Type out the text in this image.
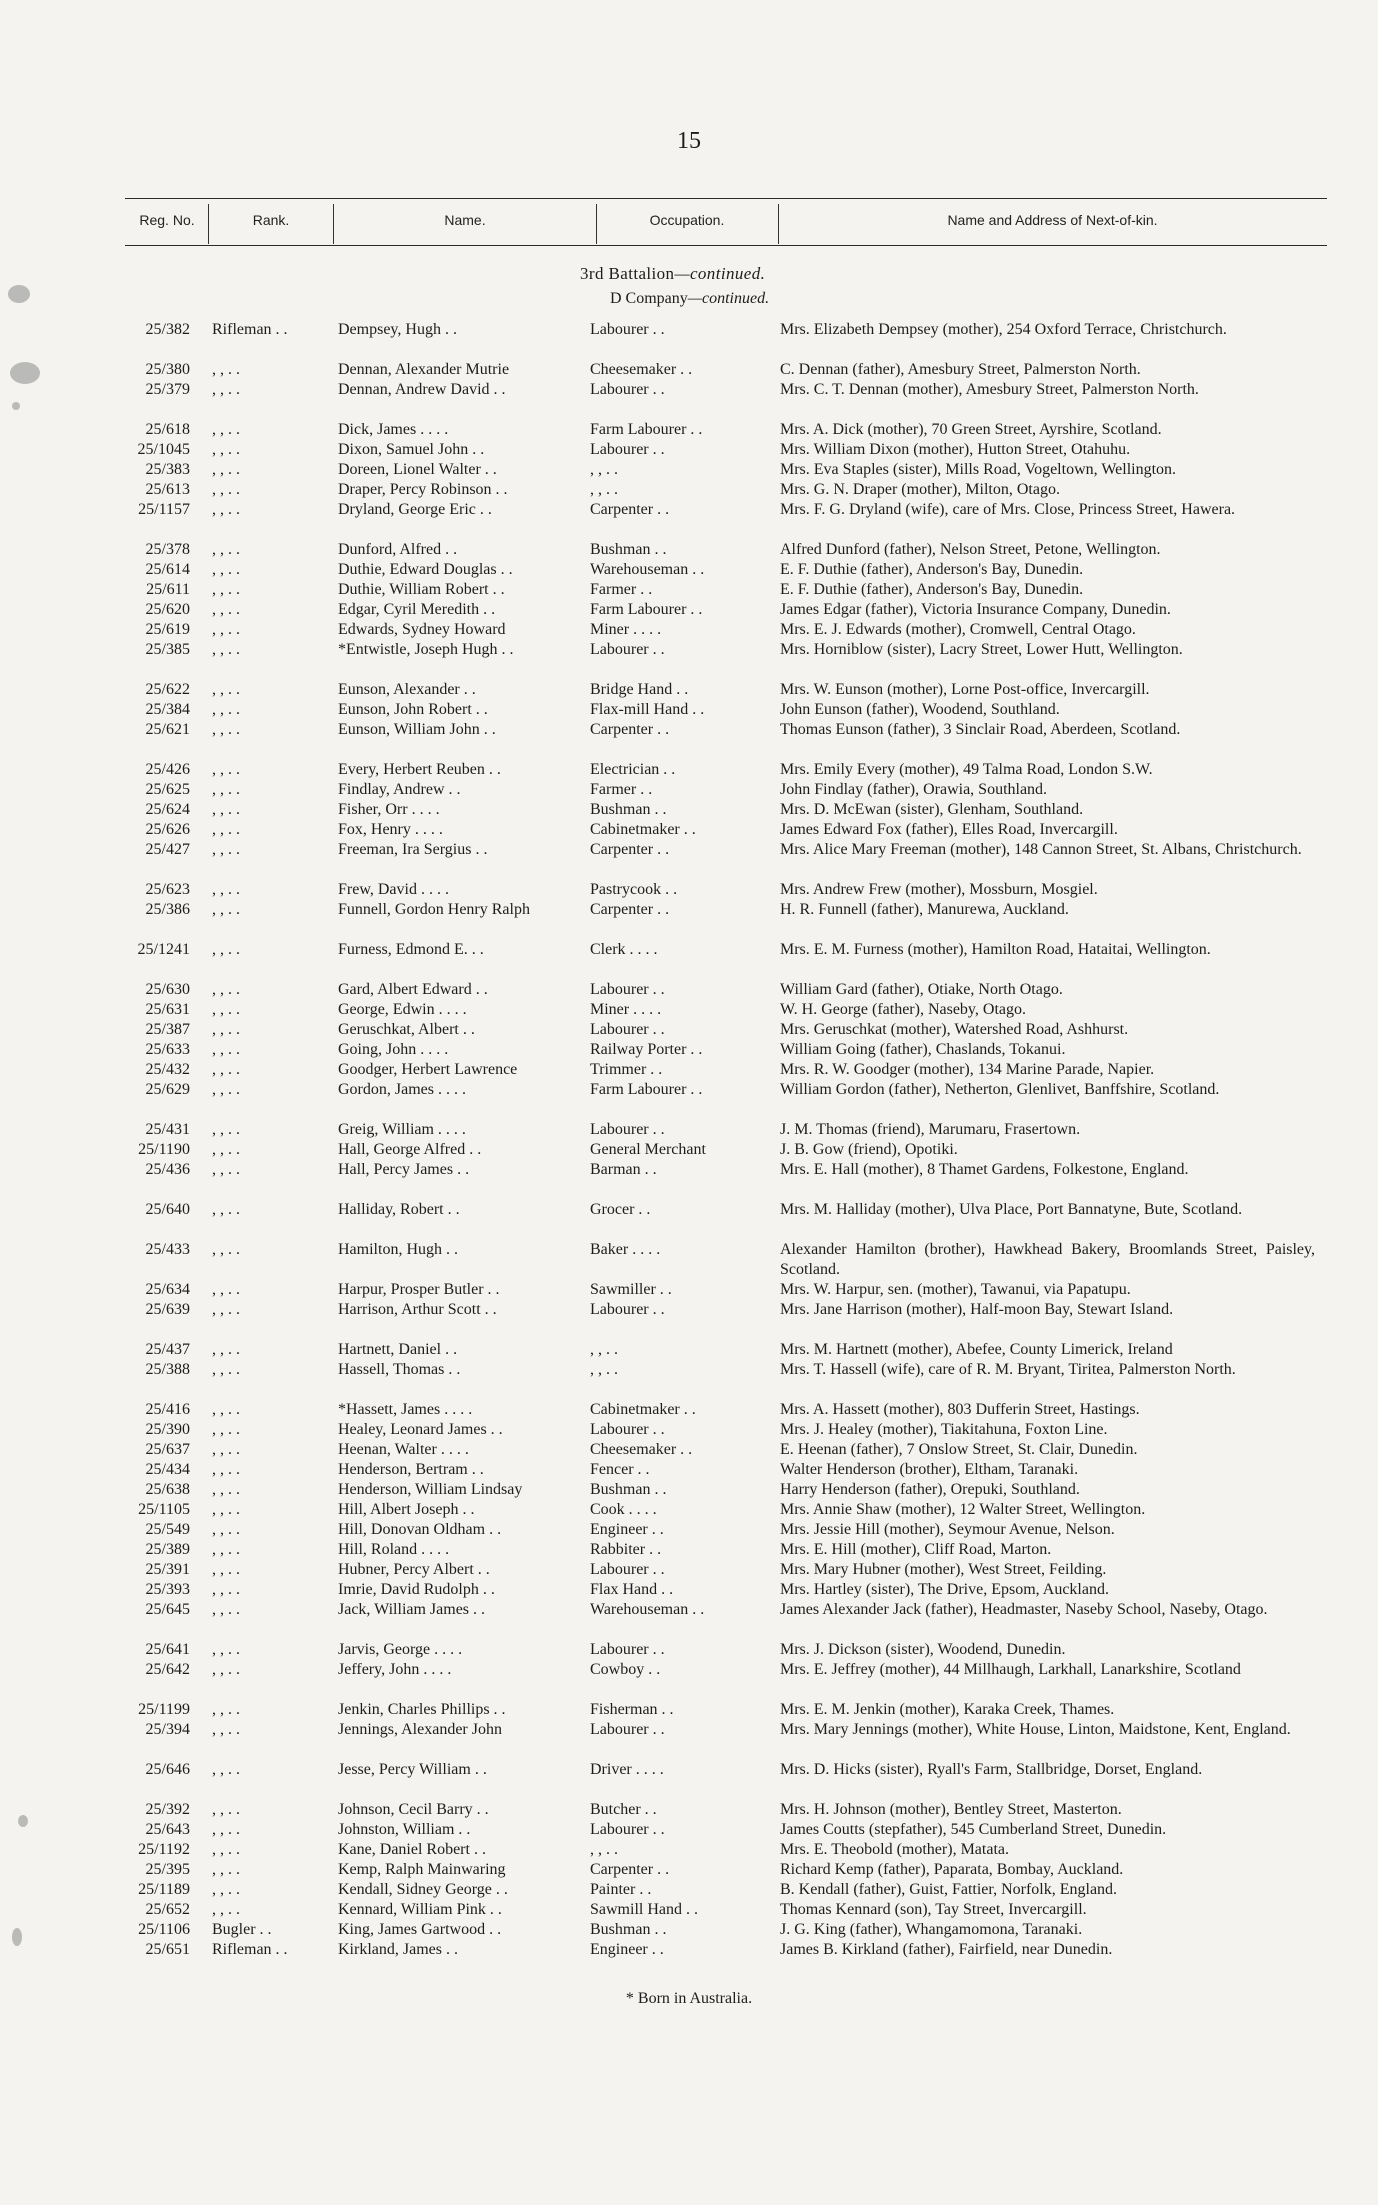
15
Reg. No.	Rank.	Name.	Occupation.	Name and Address of Next-of-kin.
3rd Battalion—continued.
D Company—continued.
25/382 Rifleman . .	Dempsey, Hugh . .	Labourer . .	Mrs. Elizabeth Dempsey (mother), 254 Oxford Terrace, Christchurch.
25/380 , , . .	Dennan, Alexander Mutrie	Cheesemaker . .	C. Dennan (father), Amesbury Street, Palmerston North.
25/379 , , . .	Dennan, Andrew David . .	Labourer . .	Mrs. C. T. Dennan (mother), Amesbury Street, Palmerston North.
25/618 , , . .	Dick, James . . . .	Farm Labourer . .	Mrs. A. Dick (mother), 70 Green Street, Ayrshire, Scotland.
25/1045 , , . .	Dixon, Samuel John . .	Labourer . .	Mrs. William Dixon (mother), Hutton Street, Otahuhu.
25/383 , , . .	Doreen, Lionel Walter . .	, , . .	Mrs. Eva Staples (sister), Mills Road, Vogeltown, Wellington.
25/613 , , . .	Draper, Percy Robinson . .	, , . .	Mrs. G. N. Draper (mother), Milton, Otago.
25/1157 , , . .	Dryland, George Eric . .	Carpenter . .	Mrs. F. G. Dryland (wife), care of Mrs. Close, Princess Street, Hawera.
25/378 , , . .	Dunford, Alfred . .	Bushman . .	Alfred Dunford (father), Nelson Street, Petone, Wellington.
25/614 , , . .	Duthie, Edward Douglas . .	Warehouseman . .	E. F. Duthie (father), Anderson's Bay, Dunedin.
25/611 , , . .	Duthie, William Robert . .	Farmer . .	E. F. Duthie (father), Anderson's Bay, Dunedin.
25/620 , , . .	Edgar, Cyril Meredith . .	Farm Labourer . .	James Edgar (father), Victoria Insurance Company, Dunedin.
25/619 , , . .	Edwards, Sydney Howard	Miner . . . .	Mrs. E. J. Edwards (mother), Cromwell, Central Otago.
25/385 , , . .	*Entwistle, Joseph Hugh . .	Labourer . .	Mrs. Horniblow (sister), Lacry Street, Lower Hutt, Wellington.
25/622 , , . .	Eunson, Alexander . .	Bridge Hand . .	Mrs. W. Eunson (mother), Lorne Post-office, Invercargill.
25/384 , , . .	Eunson, John Robert . .	Flax-mill Hand . .	John Eunson (father), Woodend, Southland.
25/621 , , . .	Eunson, William John . .	Carpenter . .	Thomas Eunson (father), 3 Sinclair Road, Aberdeen, Scotland.
25/426 , , . .	Every, Herbert Reuben . .	Electrician . .	Mrs. Emily Every (mother), 49 Talma Road, London S.W.
25/625 , , . .	Findlay, Andrew . .	Farmer . .	John Findlay (father), Orawia, Southland.
25/624 , , . .	Fisher, Orr . . . .	Bushman . .	Mrs. D. McEwan (sister), Glenham, Southland.
25/626 , , . .	Fox, Henry . . . .	Cabinetmaker . .	James Edward Fox (father), Elles Road, Invercargill.
25/427 , , . .	Freeman, Ira Sergius . .	Carpenter . .	Mrs. Alice Mary Freeman (mother), 148 Cannon Street, St. Albans, Christchurch.
25/623 , , . .	Frew, David . . . .	Pastrycook . .	Mrs. Andrew Frew (mother), Mossburn, Mosgiel.
25/386 , , . .	Funnell, Gordon Henry Ralph	Carpenter . .	H. R. Funnell (father), Manurewa, Auckland.
25/1241 , , . .	Furness, Edmond E. . .	Clerk . . . .	Mrs. E. M. Furness (mother), Hamilton Road, Hataitai, Wellington.
25/630 , , . .	Gard, Albert Edward . .	Labourer . .	William Gard (father), Otiake, North Otago.
25/631 , , . .	George, Edwin . . . .	Miner . . . .	W. H. George (father), Naseby, Otago.
25/387 , , . .	Geruschkat, Albert . .	Labourer . .	Mrs. Geruschkat (mother), Watershed Road, Ashhurst.
25/633 , , . .	Going, John . . . .	Railway Porter . .	William Going (father), Chaslands, Tokanui.
25/432 , , . .	Goodger, Herbert Lawrence	Trimmer . .	Mrs. R. W. Goodger (mother), 134 Marine Parade, Napier.
25/629 , , . .	Gordon, James . . . .	Farm Labourer . .	William Gordon (father), Netherton, Glenlivet, Banffshire, Scotland.
25/431 , , . .	Greig, William . . . .	Labourer . .	J. M. Thomas (friend), Marumaru, Frasertown.
25/1190 , , . .	Hall, George Alfred . .	General Merchant	J. B. Gow (friend), Opotiki.
25/436 , , . .	Hall, Percy James . .	Barman . .	Mrs. E. Hall (mother), 8 Thamet Gardens, Folkestone, England.
25/640 , , . .	Halliday, Robert . .	Grocer . .	Mrs. M. Halliday (mother), Ulva Place, Port Bannatyne, Bute, Scotland.
25/433 , , . .	Hamilton, Hugh . .	Baker . . . .	Alexander Hamilton (brother), Hawkhead Bakery, Broomlands Street, Paisley, Scotland.
25/634 , , . .	Harpur, Prosper Butler . .	Sawmiller . .	Mrs. W. Harpur, sen. (mother), Tawanui, via Papatupu.
25/639 , , . .	Harrison, Arthur Scott . .	Labourer . .	Mrs. Jane Harrison (mother), Half-moon Bay, Stewart Island.
25/437 , , . .	Hartnett, Daniel . .	, , . .	Mrs. M. Hartnett (mother), Abefee, County Limerick, Ireland
25/388 , , . .	Hassell, Thomas . .	, , . .	Mrs. T. Hassell (wife), care of R. M. Bryant, Tiritea, Palmerston North.
25/416 , , . .	*Hassett, James . . . .	Cabinetmaker . .	Mrs. A. Hassett (mother), 803 Dufferin Street, Hastings.
25/390 , , . .	Healey, Leonard James . .	Labourer . .	Mrs. J. Healey (mother), Tiakitahuna, Foxton Line.
25/637 , , . .	Heenan, Walter . . . .	Cheesemaker . .	E. Heenan (father), 7 Onslow Street, St. Clair, Dunedin.
25/434 , , . .	Henderson, Bertram . .	Fencer . .	Walter Henderson (brother), Eltham, Taranaki.
25/638 , , . .	Henderson, William Lindsay	Bushman . .	Harry Henderson (father), Orepuki, Southland.
25/1105 , , . .	Hill, Albert Joseph . .	Cook . . . .	Mrs. Annie Shaw (mother), 12 Walter Street, Wellington.
25/549 , , . .	Hill, Donovan Oldham . .	Engineer . .	Mrs. Jessie Hill (mother), Seymour Avenue, Nelson.
25/389 , , . .	Hill, Roland . . . .	Rabbiter . .	Mrs. E. Hill (mother), Cliff Road, Marton.
25/391 , , . .	Hubner, Percy Albert . .	Labourer . .	Mrs. Mary Hubner (mother), West Street, Feilding.
25/393 , , . .	Imrie, David Rudolph . .	Flax Hand . .	Mrs. Hartley (sister), The Drive, Epsom, Auckland.
25/645 , , . .	Jack, William James . .	Warehouseman . .	James Alexander Jack (father), Headmaster, Naseby School, Naseby, Otago.
25/641 , , . .	Jarvis, George . . . .	Labourer . .	Mrs. J. Dickson (sister), Woodend, Dunedin.
25/642 , , . .	Jeffery, John . . . .	Cowboy . .	Mrs. E. Jeffrey (mother), 44 Millhaugh, Larkhall, Lanarkshire, Scotland
25/1199 , , . .	Jenkin, Charles Phillips . .	Fisherman . .	Mrs. E. M. Jenkin (mother), Karaka Creek, Thames.
25/394 , , . .	Jennings, Alexander John	Labourer . .	Mrs. Mary Jennings (mother), White House, Linton, Maidstone, Kent, England.
25/646 , , . .	Jesse, Percy William . .	Driver . . . .	Mrs. D. Hicks (sister), Ryall's Farm, Stallbridge, Dorset, England.
25/392 , , . .	Johnson, Cecil Barry . .	Butcher . .	Mrs. H. Johnson (mother), Bentley Street, Masterton.
25/643 , , . .	Johnston, William . .	Labourer . .	James Coutts (stepfather), 545 Cumberland Street, Dunedin.
25/1192 , , . .	Kane, Daniel Robert . .	, , . .	Mrs. E. Theobold (mother), Matata.
25/395 , , . .	Kemp, Ralph Mainwaring	Carpenter . .	Richard Kemp (father), Paparata, Bombay, Auckland.
25/1189 , , . .	Kendall, Sidney George . .	Painter . .	B. Kendall (father), Guist, Fattier, Norfolk, England.
25/652 , , . .	Kennard, William Pink . .	Sawmill Hand . .	Thomas Kennard (son), Tay Street, Invercargill.
25/1106 Bugler . .	King, James Gartwood . .	Bushman . .	J. G. King (father), Whangamomona, Taranaki.
25/651 Rifleman . .	Kirkland, James . .	Engineer . .	James B. Kirkland (father), Fairfield, near Dunedin.
* Born in Australia.
